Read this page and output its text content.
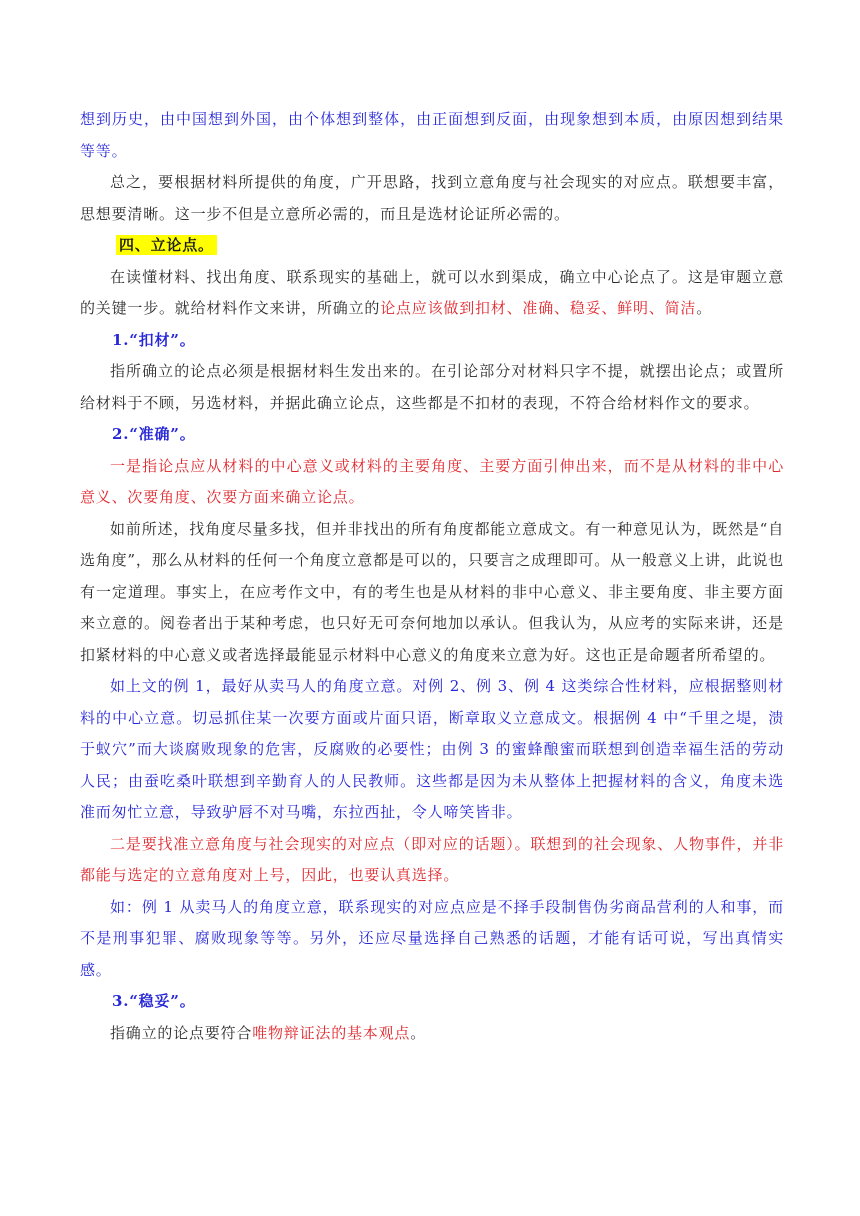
想到历史，由中国想到外国，由个体想到整体，由正面想到反面，由现象想到本质，由原因想到结果等等。

总之，要根据材料所提供的角度，广开思路，找到立意角度与社会现实的对应点。联想要丰富，思想要清晰。这一步不但是立意所必需的，而且是选材论证所必需的。

四、立论点。

在读懂材料、找出角度、联系现实的基础上，就可以水到渠成，确立中心论点了。这是审题立意的关键一步。就给材料作文来讲，所确立的论点应该做到扣材、准确、稳妥、鲜明、简洁。

1.“扣材”。

指所确立的论点必须是根据材料生发出来的。在引论部分对材料只字不提，就摆出论点；或置所给材料于不顾，另选材料，并据此确立论点，这些都是不扣材的表现，不符合给材料作文的要求。

2.“准确”。

一是指论点应从材料的中心意义或材料的主要角度、主要方面引伸出来，而不是从材料的非中心意义、次要角度、次要方面来确立论点。

如前所述，找角度尽量多找，但并非找出的所有角度都能立意成文。有一种意见认为，既然是“自选角度”，那么从材料的任何一个角度立意都是可以的，只要言之成理即可。从一般意义上讲，此说也有一定道理。事实上，在应考作文中，有的考生也是从材料的非中心意义、非主要角度、非主要方面来立意的。阅卷者出于某种考虑，也只好无可奈何地加以承认。但我认为，从应考的实际来讲，还是扣紧材料的中心意义或者选择最能显示材料中心意义的角度来立意为好。这也正是命题者所希望的。

如上文的例 1，最好从卖马人的角度立意。对例 2、例 3、例 4 这类综合性材料，应根据整则材料的中心立意。切忌抓住某一次要方面或片面只语，断章取义立意成文。根据例 4 中“千里之堤，溃于蚁穴”而大谈腐败现象的危害，反腐败的必要性；由例 3 的蜜蜂酿蜜而联想到创造幸福生活的劳动人民；由蚕吃桑叶联想到辛勤育人的人民教师。这些都是因为未从整体上把握材料的含义，角度未选准而匆忙立意，导致驴唇不对马嘴，东拉西扯，令人啼笑皆非。

二是要找准立意角度与社会现实的对应点（即对应的话题）。联想到的社会现象、人物事件，并非都能与选定的立意角度对上号，因此，也要认真选择。

如：例 1 从卖马人的角度立意，联系现实的对应点应是不择手段制售伪劣商品营利的人和事，而不是刑事犯罪、腐败现象等等。另外，还应尽量选择自己熟悉的话题，才能有话可说，写出真情实感。

3.“稳妥”。

指确立的论点要符合唯物辩证法的基本观点。
